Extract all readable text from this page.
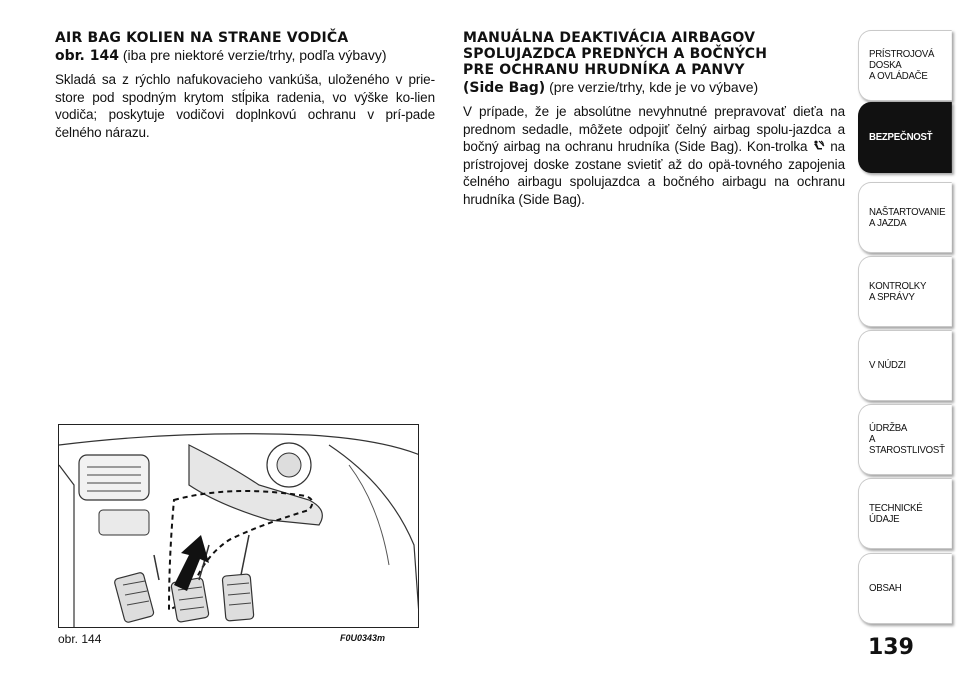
AIR BAG KOLIEN NA STRANE VODIČA
obr. 144 (iba pre niektoré verzie/trhy, podľa výbavy)

Skladá sa z rýchlo nafukovacieho vankúša, uloženého v prie-store pod spodným krytom stĺpika radenia, vo výške ko-lien vodiča; poskytuje vodičovi doplnkovú ochranu v prí-pade čelného nárazu.

MANUÁLNA DEAKTIVÁCIA AIRBAGOV
SPOLUJAZDCA PREDNÝCH A BOČNÝCH
PRE OCHRANU HRUDNÍKA A PANVY
(Side Bag) (pre verzie/trhy, kde je vo výbave)

V prípade, že je absolútne nevyhnutné prepravovať dieťa na prednom sedadle, môžete odpojiť čelný airbag spolu-jazdca a bočný airbag na ochranu hrudníka (Side Bag). Kon-trolka  na prístrojovej doske zostane svietiť až do opä-tovného zapojenia čelného airbagu spolujazdca a bočného airbagu na ochranu hrudníka (Side Bag).

obr. 144	F0U0343m	139
PRÍSTROJOVÁ
DOSKA
A OVLÁDAČE
BEZPEČNOSŤ
NAŠTARTOVANIE
A JAZDA
KONTROLKY
A SPRÁVY
V NÚDZI
ÚDRŽBA
A STAROSTLIVOSŤ
TECHNICKÉ ÚDAJE
OBSAH
